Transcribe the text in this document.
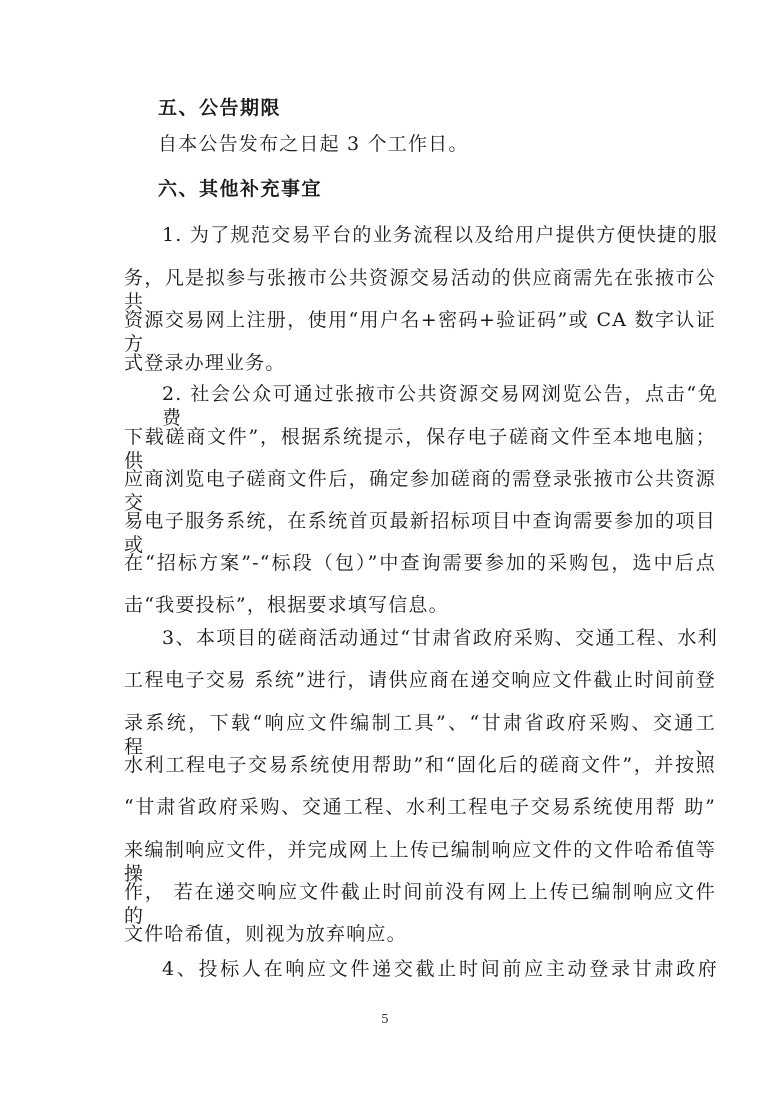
五、公告期限
自本公告发布之日起 3 个工作日。
六、其他补充事宜
1. 为了规范交易平台的业务流程以及给用户提供方便快捷的服
务，凡是拟参与张掖市公共资源交易活动的供应商需先在张掖市公共
资源交易网上注册，使用“用户名+密码+验证码”或 CA 数字认证方
式登录办理业务。
2. 社会公众可通过张掖市公共资源交易网浏览公告，点击“免费
下载磋商文件”，根据系统提示，保存电子磋商文件至本地电脑；供
应商浏览电子磋商文件后，确定参加磋商的需登录张掖市公共资源交
易电子服务系统，在系统首页最新招标项目中查询需要参加的项目或
在“招标方案”-“标段（包）”中查询需要参加的采购包，选中后点
击“我要投标”，根据要求填写信息。
3、本项目的磋商活动通过“甘肃省政府采购、交通工程、水利
工程电子交易 系统”进行，请供应商在递交响应文件截止时间前登
录系统，下载“响应文件编制工具”、“甘肃省政府采购、交通工程、
水利工程电子交易系统使用帮助”和“固化后的磋商文件”，并按照
“甘肃省政府采购、交通工程、水利工程电子交易系统使用帮 助”
来编制响应文件，并完成网上上传已编制响应文件的文件哈希值等操
作， 若在递交响应文件截止时间前没有网上上传已编制响应文件的
文件哈希值，则视为放弃响应。
4、投标人在响应文件递交截止时间前应主动登录甘肃政府
5
